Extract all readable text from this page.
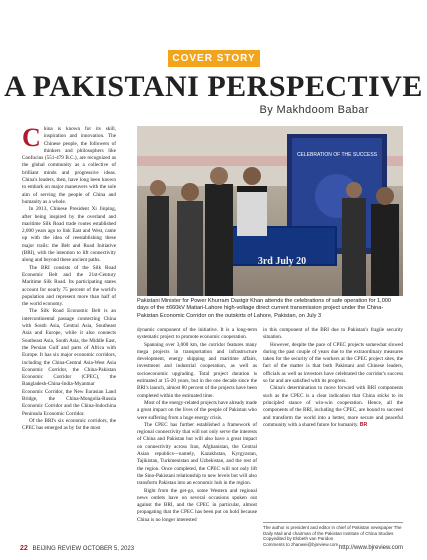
COVER STORY
A PAKISTANI PERSPECTIVE
By Makhdoom Babar

China is known for its skill, inspiration and innovation. The Chinese people, the followers of thinkers and philosophers like Confucius (551-479 B.C.), are recognized as the global community as a collective of brilliant minds and progressive ideas. China's leaders, then, have long been known to embark on major maneuvers with the sole aim of serving the people of China and humanity as a whole.

In 2013, Chinese President Xi Jinping, after being inspired by the overland and maritime Silk Road trade routes established 2,000 years ago to link East and West, came up with the idea of reestablishing these major trails: the Belt and Road Initiative (BRI), with the intention to lift connectivity along and beyond these ancient paths.

The BRI consists of the Silk Road Economic Belt and the 21st-Century Maritime Silk Road. Its participating states account for nearly 75 percent of the world's population and represent more than half of the world economy.

The Silk Road Economic Belt is an intercontinental passage connecting China with South Asia, Central Asia, Southeast Asia and Europe, while it also connects Southeast Asia, South Asia, the Middle East, the Persian Gulf and parts of Africa with Europe. It has six major economic corridors, including the China-Central Asia-West Asia Economic Corridor, the China-Pakistan Economic Corridor (CPEC), the Bangladesh-China-India-Myanmar Economic Corridor, the New Eurasian Land Bridge, the China-Mongolia-Russia Economic Corridor and the China-Indochina Peninsula Economic Corridor.

Of the BRI's six economic corridors, the CPEC has emerged as by far the most

CELEBRATION OF THE SUCCESS
3rd July 20
Pakistani Minister for Power Khurram Dastgir Khan attends the celebrations of safe operation for 1,000 days of the ±660kV Matiari-Lahore high-voltage direct current transmission project under the China-Pakistan Economic Corridor on the outskirts of Lahore, Pakistan, on July 3

dynamic component of the initiative. It is a long-term systematic project to promote economic cooperation.

Spanning over 3,000 km, the corridor features many mega projects in transportation and infrastructure development, energy shipping and maritime affairs, investment and industrial cooperation, as well as socioeconomic upgrading. Total project duration is estimated at 15-20 years, but in the one decade since the BRI's launch, almost 80 percent of the projects have been completed within the estimated time.

Most of the energy-related projects have already made a great impact on the lives of the people of Pakistan who were suffering from a huge energy crisis.

The CPEC has further established a framework of regional connectivity that will not only serve the interests of China and Pakistan but will also have a great impact on connectivity across Iran, Afghanistan, the Central Asian republics—namely, Kazakhstan, Kyrgyzstan, Tajikistan, Turkmenistan and Uzbekistan, and the rest of the region. Once completed, the CPEC will not only lift the Sino-Pakistani relationship to new levels but will also transform Pakistan into an economic hub in the region.

Right from the get-go, some Western and regional news outlets have on several occasions spoken out against the BRI, and the CPEC in particular, almost propagating that the CPEC has been put on hold because China is no longer interested

in this component of the BRI due to Pakistan's fragile security situation.

However, despite the pace of CPEC projects somewhat slowed during the past couple of years due to the extraordinary measures taken for the security of the workers at the CPEC project sites, the fact of the matter is that both Pakistani and Chinese leaders, officials as well as investors have celebrated the corridor's success so far and are satisfied with its progress.

China's determination to move forward with BRI components such as the CPEC is a clear indication that China sticks to its principled stance of win-win cooperation. Hence, all the components of the BRI, including the CPEC, are bound to succeed and transform the world into a better, more secure and peaceful community with a shared future for humanity. BR

The author is president and editor in chief of Pakistan newspaper The Daily Mail and chairman of the Pakistan Institute of China Studies
Copyedited by Elsbeth van Paridon
Comments to zhanwei@bjreview.com
22 BEIJING REVIEW OCTOBER 5, 2023	http://www.bjreview.com
